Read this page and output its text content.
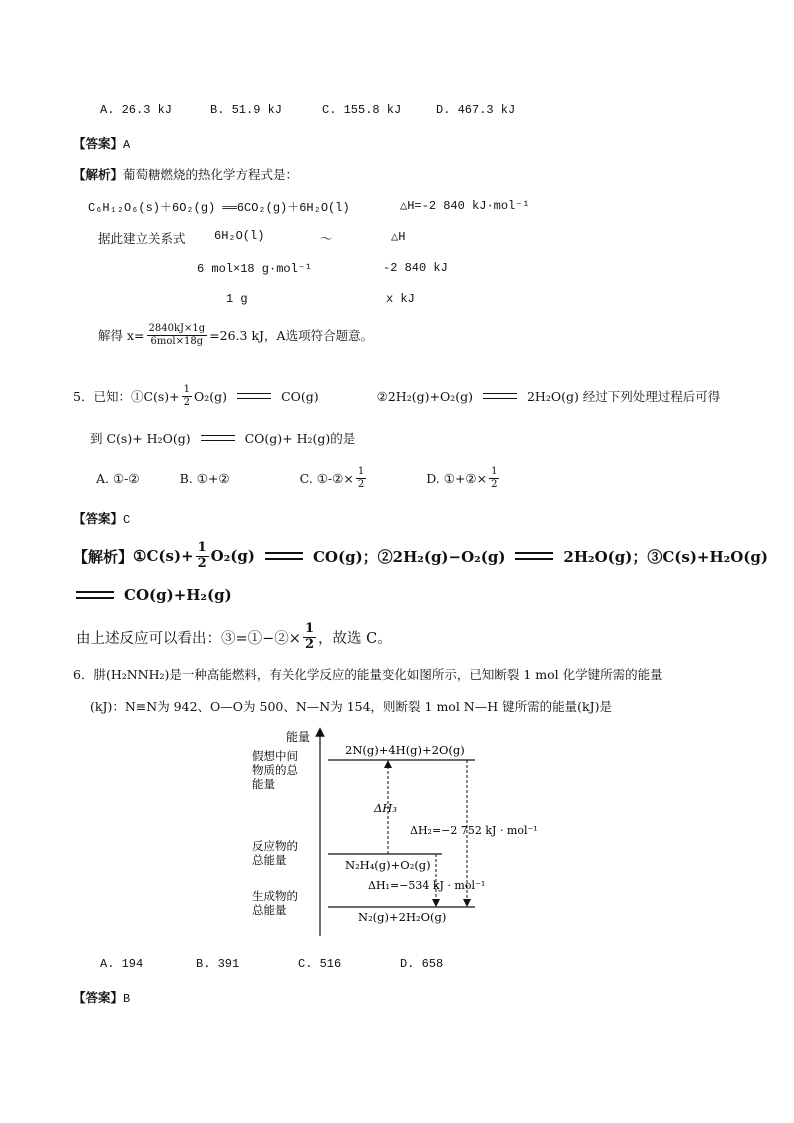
A. 26.3 kJ	B. 51.9 kJ	C. 155.8 kJ	D. 467.3 kJ
【答案】A
【解析】葡萄糖燃烧的热化学方程式是：
C₆H₁₂O₆(s)＋6O₂(g) ══6CO₂(g)＋6H₂O(l)	△H=-2 840 kJ·mol⁻¹
据此建立关系式 6H₂O(l)	～	△H
6 mol×18 g·mol⁻¹	-2 840 kJ
1 g	x kJ
解得 $x= \frac{2840kJ\times 1g}{\text{6mol×18g}} =26.3$ kJ，A选项符合题意。
5．已知：①C(s)+ $\frac{1}{2} O_2(g)$	CO(g)	②2H₂(g)+O₂(g)	2H₂O(g) 经过下列处理过程后可得
到 C(s)+ H₂O(g)	CO(g)+ H₂(g)的是
A. ①-②	B. ①+②	C. ①-②× $\frac{1}{2}$	D. ①+②× $\frac{1}{2}$
【答案】C
【解析】 ①C(s)+ $\frac{1}{2} O_2(g)$	CO(g)；②2H₂(g)−O₂(g)	2H₂O(g)；③C(s)+H₂O(g)
CO(g)+H₂(g)
由上述反应可以看出：③=①−②× $\frac{1}{2}$ ，故选 C。
6．肼(H₂NNH₂)是一种高能燃料，有关化学反应的能量变化如图所示，已知断裂 1 mol 化学键所需的能量
(kJ)：N≡N为 942、O—O为 500、N—N为 154，则断裂 1 mol N—H 键所需的能量(kJ)是
能量
假想中间
物质的总
能量
反应物的
总能量
生成物的
总能量
2N(g)+4H(g)+2O(g)
N₂H₄(g)+O₂(g)
N₂(g)+2H₂O(g)
ΔH₃
ΔH₂=−2 752 kJ · mol⁻¹
ΔH₁=−534 kJ · mol⁻¹
A. 194	B. 391	C. 516	D. 658
【答案】B
